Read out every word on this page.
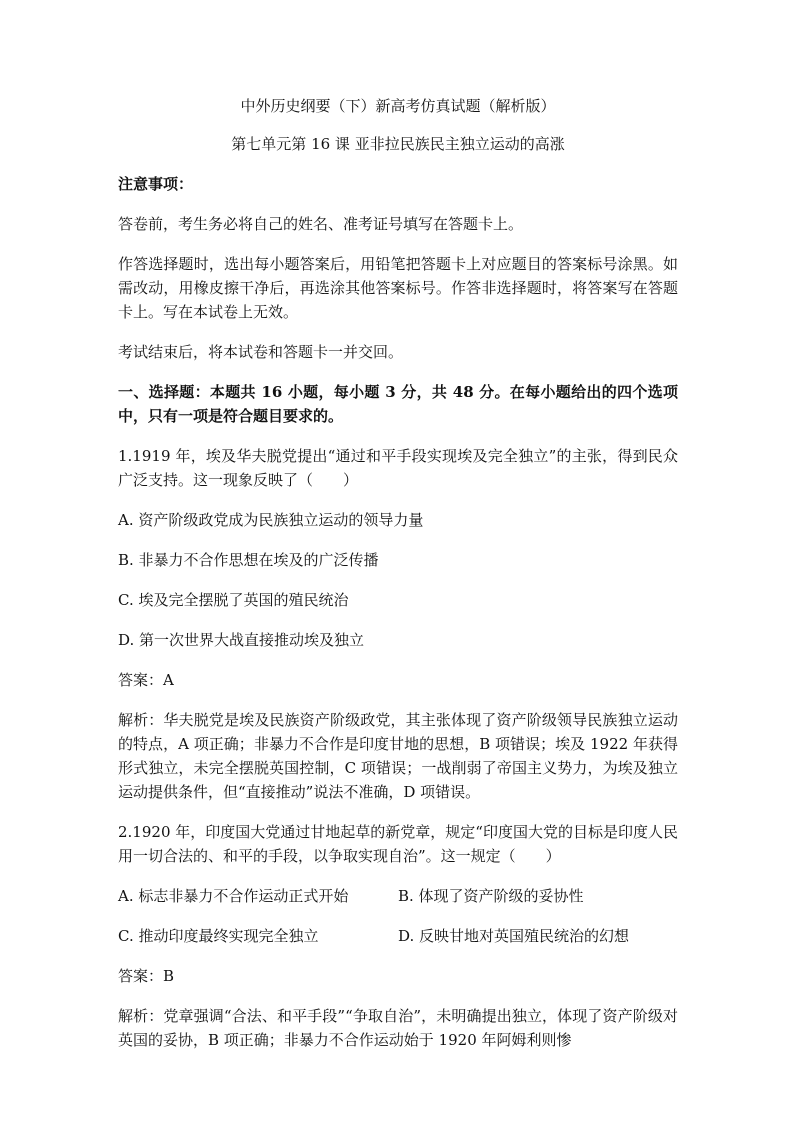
中外历史纲要（下）新高考仿真试题（解析版）
第七单元第 16 课 亚非拉民族民主独立运动的高涨

注意事项：

答卷前，考生务必将自己的姓名、准考证号填写在答题卡上。

作答选择题时，选出每小题答案后，用铅笔把答题卡上对应题目的答案标号涂黑。如需改动，用橡皮擦干净后，再选涂其他答案标号。作答非选择题时，将答案写在答题卡上。写在本试卷上无效。

考试结束后，将本试卷和答题卡一并交回。

一、选择题：本题共 16 小题，每小题 3 分，共 48 分。在每小题给出的四个选项中，只有一项是符合题目要求的。

1.1919 年，埃及华夫脱党提出“通过和平手段实现埃及完全独立”的主张，得到民众广泛支持。这一现象反映了（　　）

A. 资产阶级政党成为民族独立运动的领导力量
B. 非暴力不合作思想在埃及的广泛传播
C. 埃及完全摆脱了英国的殖民统治
D. 第一次世界大战直接推动埃及独立

答案：A

解析：华夫脱党是埃及民族资产阶级政党，其主张体现了资产阶级领导民族独立运动的特点，A 项正确；非暴力不合作是印度甘地的思想，B 项错误；埃及 1922 年获得形式独立，未完全摆脱英国控制，C 项错误；一战削弱了帝国主义势力，为埃及独立运动提供条件，但“直接推动”说法不准确，D 项错误。

2.1920 年，印度国大党通过甘地起草的新党章，规定“印度国大党的目标是印度人民用一切合法的、和平的手段，以争取实现自治”。这一规定（　　）

A. 标志非暴力不合作运动正式开始	B. 体现了资产阶级的妥协性
C. 推动印度最终实现完全独立	D. 反映甘地对英国殖民统治的幻想

答案：B

解析：党章强调“合法、和平手段”“争取自治”，未明确提出独立，体现了资产阶级对英国的妥协，B 项正确；非暴力不合作运动始于 1920 年阿姆利则惨
